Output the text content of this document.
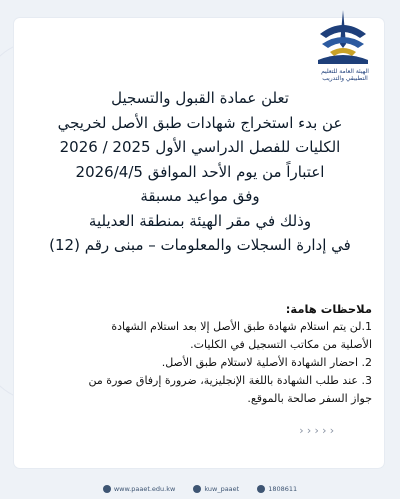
الهيئة العامة للتعليم التطبيقي والتدريب
تعلن عمادة القبول والتسجيل
عن بدء استخراج شهادات طبق الأصل لخريجي
الكليات للفصل الدراسي الأول 2025 / 2026
اعتباراً من يوم الأحد الموافق 2026/4/5
وفق مواعيد مسبقة
وذلك في مقر الهيئة بمنطقة العديلية
في إدارة السجلات والمعلومات – مبنى رقم (12)
ملاحظات هامة:
1.لن يتم استلام شهادة طبق الأصل إلا بعد استلام الشهادة
الأصلية من مكاتب التسجيل في الكليات.
2. احضار الشهادة الأصلية لاستلام طبق الأصل.
3. عند طلب الشهادة باللغة الإنجليزية، ضرورة إرفاق صورة من
جواز السفر صالحة بالموقع.
›››››
www.paaet.edu.kw	kuw_paaet	1808611
